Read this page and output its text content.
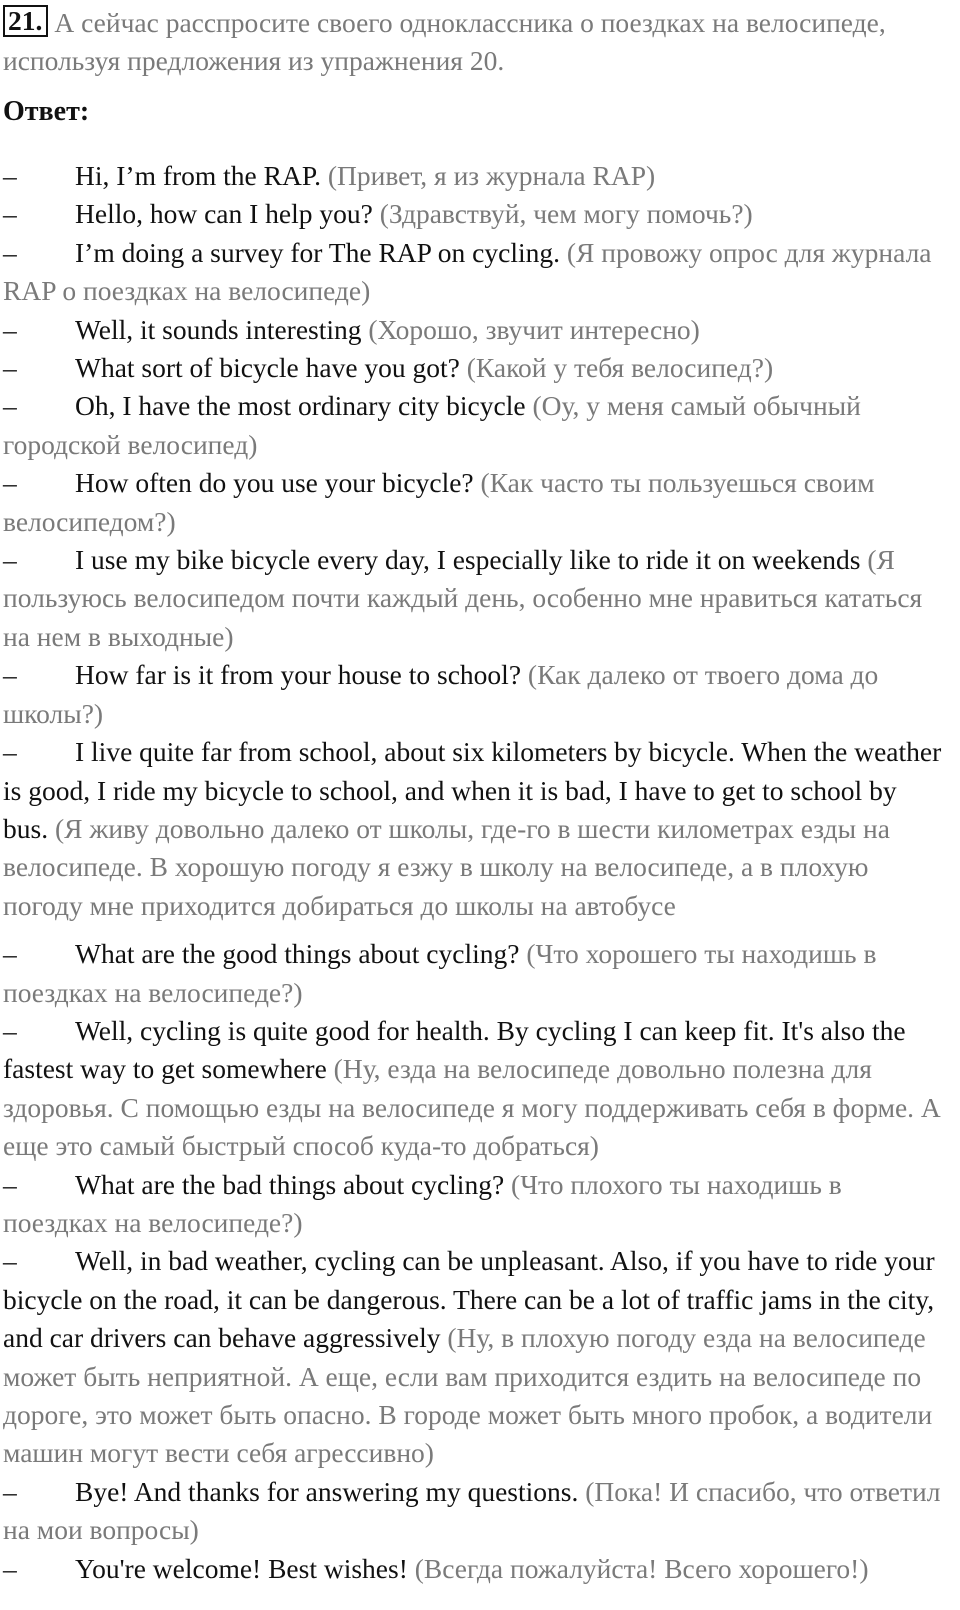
21. А сейчас расспросите своего одноклассника о поездках на велосипеде, используя предложения из упражнения 20.
Ответ:
– Hi, I’m from the RAP. (Привет, я из журнала RAP)
– Hello, how can I help you? (Здравствуй, чем могу помочь?)
– I’m doing a survey for The RAP on cycling. (Я провожу опрос для журнала RAP о поездках на велосипеде)
– Well, it sounds interesting (Хорошо, звучит интересно)
– What sort of bicycle have you got? (Какой у тебя велосипед?)
– Oh, I have the most ordinary city bicycle (Оу, у меня самый обычный городской велосипед)
– How often do you use your bicycle? (Как часто ты пользуешься своим велосипедом?)
– I use my bike bicycle every day, I especially like to ride it on weekends (Я пользуюсь велосипедом почти каждый день, особенно мне нравиться кататься на нем в выходные)
– How far is it from your house to school? (Как далеко от твоего дома до школы?)
– I live quite far from school, about six kilometers by bicycle. When the weather is good, I ride my bicycle to school, and when it is bad, I have to get to school by bus. (Я живу довольно далеко от школы, где-го в шести километрах езды на велосипеде. В хорошую погоду я езжу в школу на велосипеде, а в плохую погоду мне приходится добираться до школы на автобусе
– What are the good things about cycling? (Что хорошего ты находишь в поездках на велосипеде?)
– Well, cycling is quite good for health. By cycling I can keep fit. It's also the fastest way to get somewhere (Ну, езда на велосипеде довольно полезна для здоровья. С помощью езды на велосипеде я могу поддерживать себя в форме. А еще это самый быстрый способ куда-то добраться)
– What are the bad things about cycling? (Что плохого ты находишь в поездках на велосипеде?)
– Well, in bad weather, cycling can be unpleasant. Also, if you have to ride your bicycle on the road, it can be dangerous. There can be a lot of traffic jams in the city, and car drivers can behave aggressively (Ну, в плохую погоду езда на велосипеде может быть неприятной. А еще, если вам приходится ездить на велосипеде по дороге, это может быть опасно. В городе может быть много пробок, а водители машин могут вести себя агрессивно)
– Bye! And thanks for answering my questions. (Пока! И спасибо, что ответил на мои вопросы)
– You're welcome! Best wishes! (Всегда пожалуйста! Всего хорошего!)
